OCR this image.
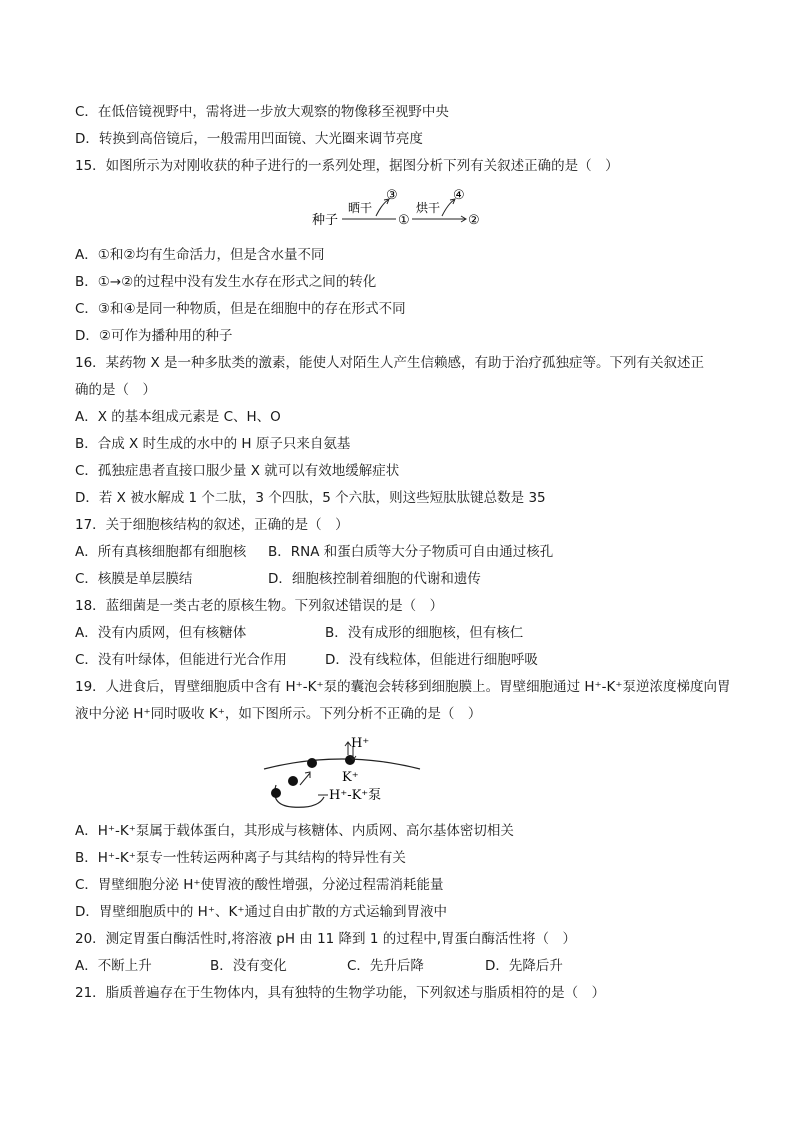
C．在低倍镜视野中，需将进一步放大观察的物像移至视野中央
D．转换到高倍镜后，一般需用凹面镜、大光圈来调节亮度
15．如图所示为对刚收获的种子进行的一系列处理，据图分析下列有关叙述正确的是（　）
种子
晒干
③
①
烘干
④
②
A．①和②均有生命活力，但是含水量不同
B．①→②的过程中没有发生水存在形式之间的转化
C．③和④是同一种物质，但是在细胞中的存在形式不同
D．②可作为播种用的种子
16．某药物 X 是一种多肽类的激素，能使人对陌生人产生信赖感，有助于治疗孤独症等。下列有关叙述正
确的是（　）
A．X 的基本组成元素是 C、H、O
B．合成 X 时生成的水中的 H 原子只来自氨基
C．孤独症患者直接口服少量 X 就可以有效地缓解症状
D．若 X 被水解成 1 个二肽，3 个四肽，5 个六肽，则这些短肽肽键总数是 35
17．关于细胞核结构的叙述，正确的是（　）
A．所有真核细胞都有细胞核 B．RNA 和蛋白质等大分子物质可自由通过核孔
C．核膜是单层膜结	D．细胞核控制着细胞的代谢和遗传
18．蓝细菌是一类古老的原核生物。下列叙述错误的是（　）
A．没有内质网，但有核糖体	B．没有成形的细胞核，但有核仁
C．没有叶绿体，但能进行光合作用	D．没有线粒体，但能进行细胞呼吸
19．人进食后，胃壁细胞质中含有 H⁺-K⁺泵的囊泡会转移到细胞膜上。胃壁细胞通过 H⁺-K⁺泵逆浓度梯度向胃
液中分泌 H⁺同时吸收 K⁺，如下图所示。下列分析不正确的是（　）
H⁺
K⁺
H⁺-K⁺泵
A．H⁺-K⁺泵属于载体蛋白，其形成与核糖体、内质网、高尔基体密切相关
B．H⁺-K⁺泵专一性转运两种离子与其结构的特异性有关
C．胃壁细胞分泌 H⁺使胃液的酸性增强，分泌过程需消耗能量
D．胃壁细胞质中的 H⁺、K⁺通过自由扩散的方式运输到胃液中
20．测定胃蛋白酶活性时,将溶液 pH 由 11 降到 1 的过程中,胃蛋白酶活性将（　）
A．不断上升	B．没有变化	C．先升后降	D．先降后升
21．脂质普遍存在于生物体内，具有独特的生物学功能，下列叙述与脂质相符的是（　）
